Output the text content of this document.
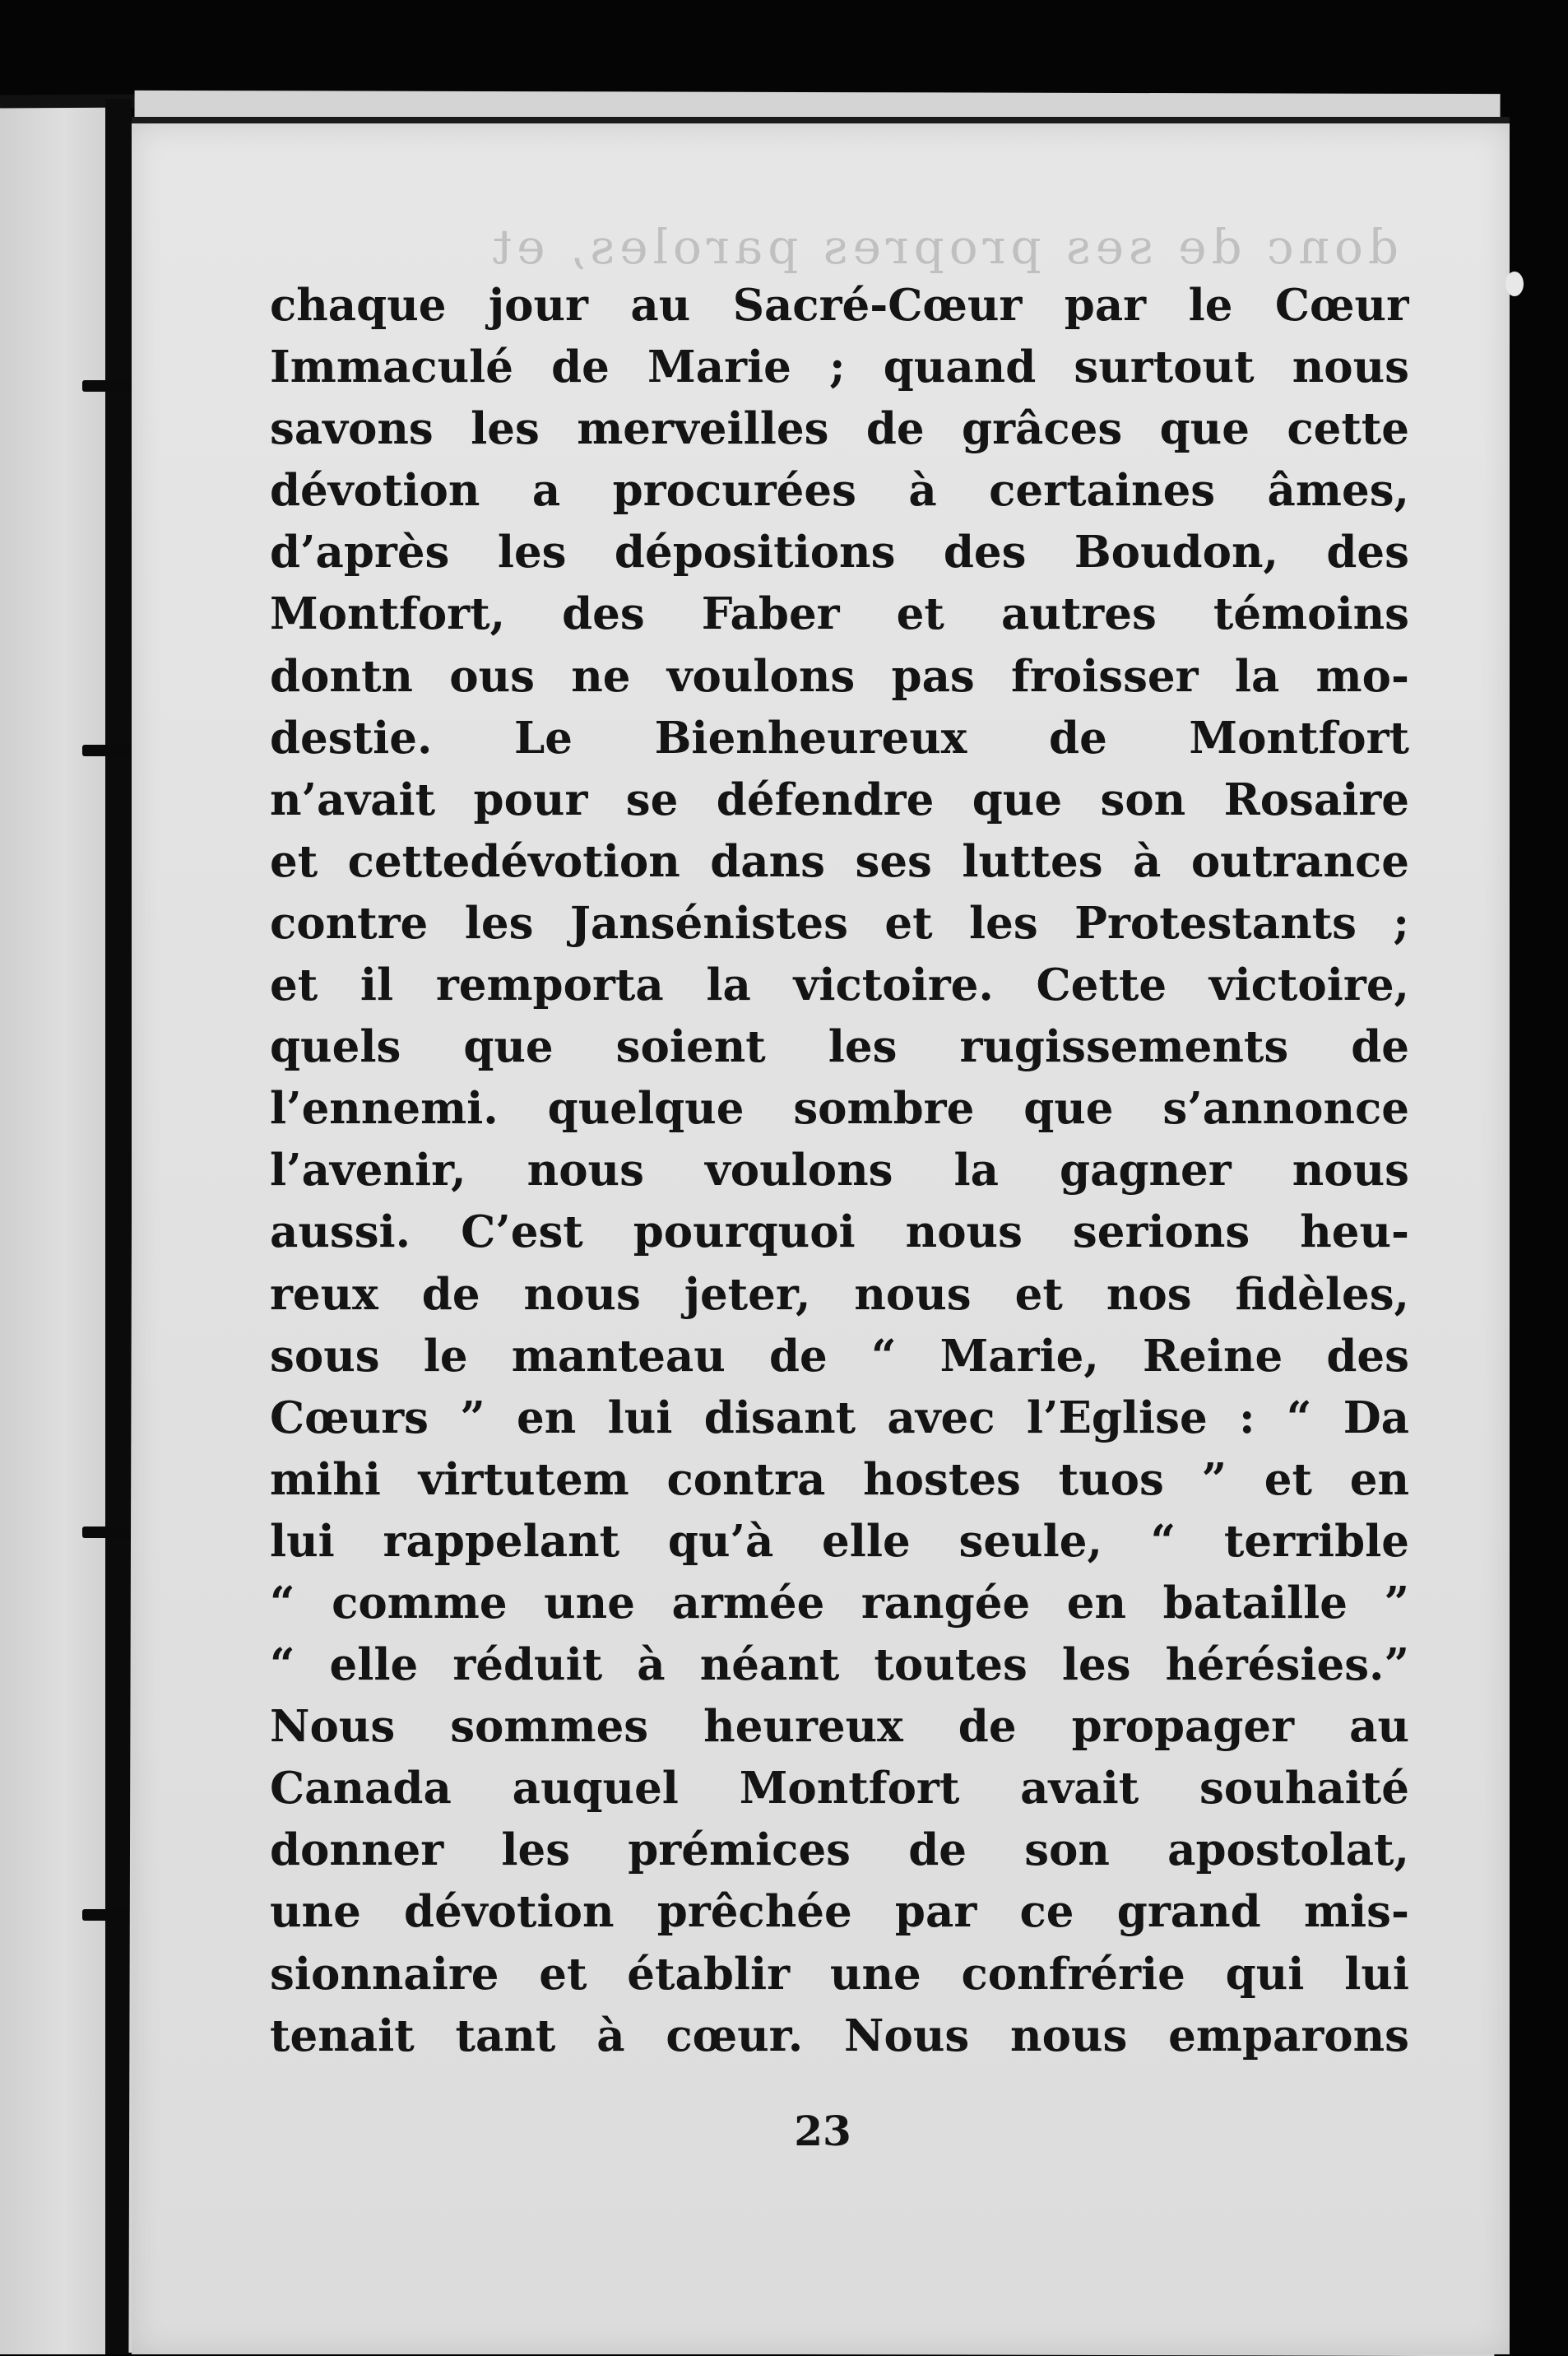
donc de ses propres paroles, et
chaque jour au Sacré-Cœur par le Cœur
Immaculé de Marie ; quand surtout nous
savons les merveilles de grâces que cette
dévotion a procurées à certaines âmes,
d’après les dépositions des Boudon, des
Montfort, des Faber et autres témoins
dontn ous ne voulons pas froisser la mo-
destie. Le Bienheureux de Montfort
n’avait pour se défendre que son Rosaire
et cettedévotion dans ses luttes à outrance
contre les Jansénistes et les Protestants ;
et il remporta la victoire. Cette victoire,
quels que soient les rugissements de
l’ennemi. quelque sombre que s’annonce
l’avenir, nous voulons la gagner nous
aussi. C’est pourquoi nous serions heu-
reux de nous jeter, nous et nos fidèles,
sous le manteau de “ Marie, Reine des
Cœurs ” en lui disant avec l’Eglise : “ Da
mihi virtutem contra hostes tuos ” et en
lui rappelant qu’à elle seule, “ terrible
“ comme une armée rangée en bataille ”
“ elle réduit à néant toutes les hérésies.”
Nous sommes heureux de propager au
Canada auquel Montfort avait souhaité
donner les prémices de son apostolat,
une dévotion prêchée par ce grand mis-
sionnaire et établir une confrérie qui lui
tenait tant à cœur. Nous nous emparons
23
